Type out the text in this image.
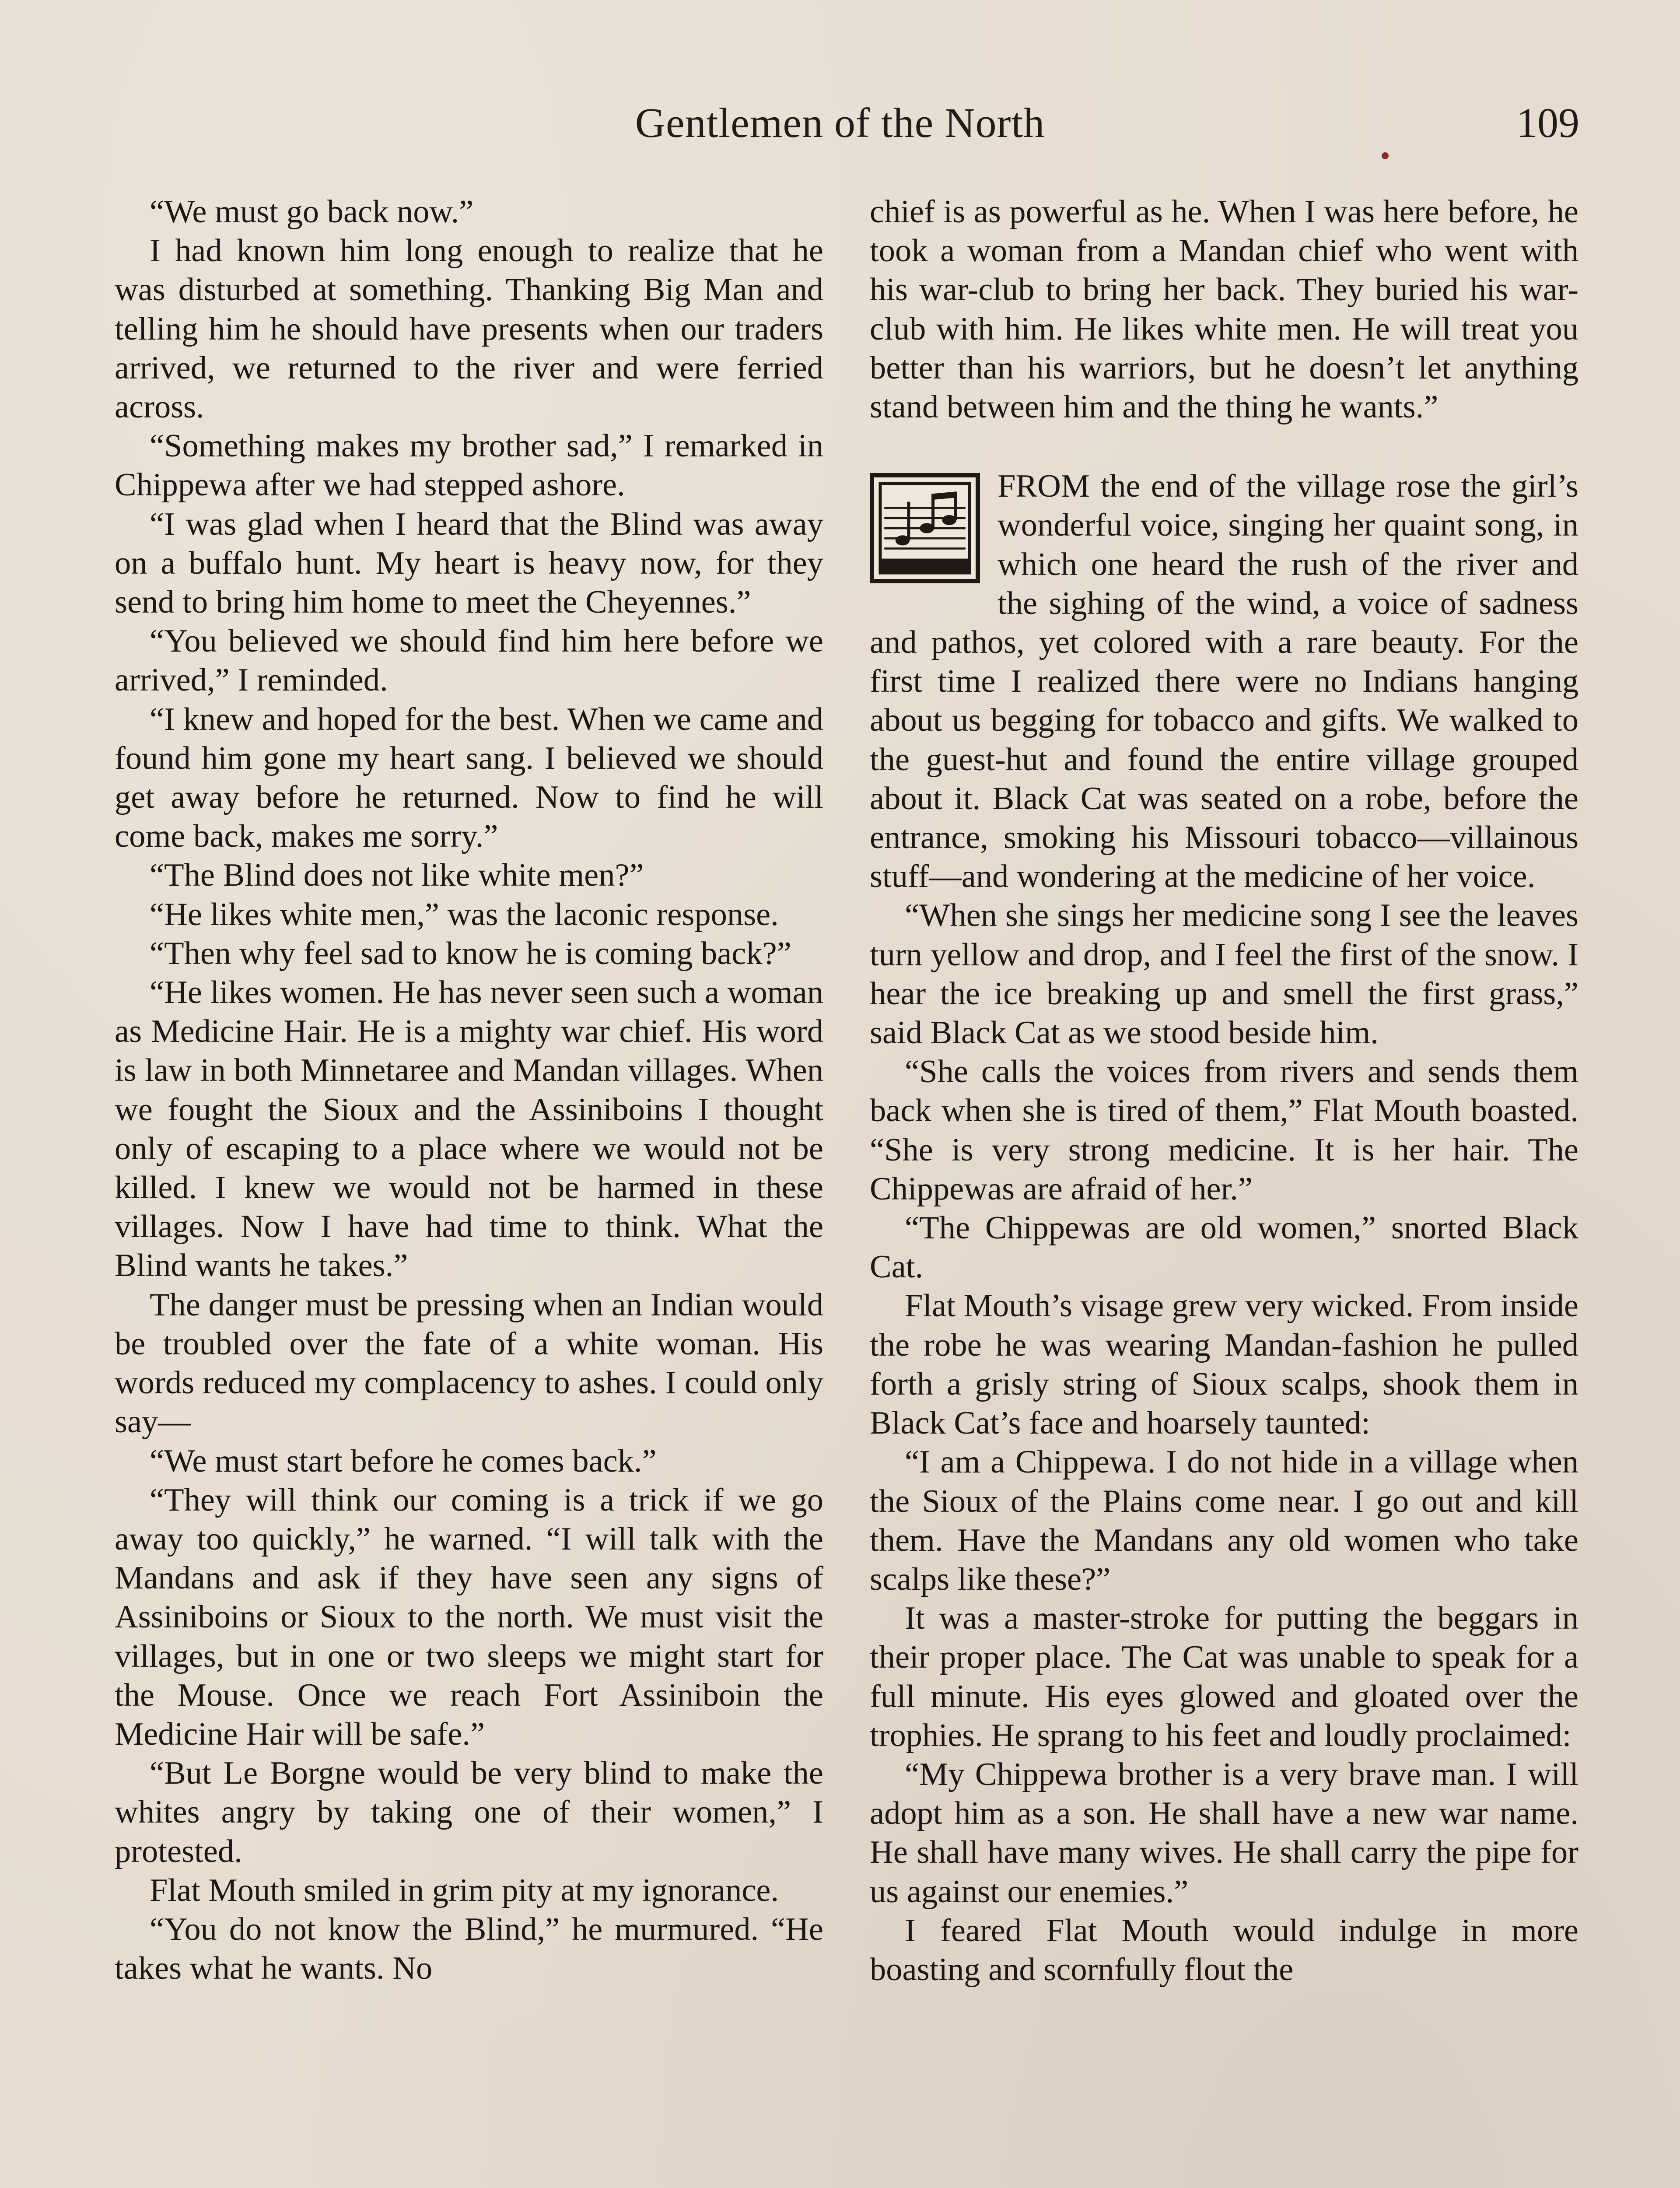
Gentlemen of the North	109

“We must go back now.”

I had known him long enough to realize that he was disturbed at something. Thanking Big Man and telling him he should have presents when our traders arrived, we returned to the river and were ferried across.

“Something makes my brother sad,” I remarked in Chippewa after we had stepped ashore.

“I was glad when I heard that the Blind was away on a buffalo hunt. My heart is heavy now, for they send to bring him home to meet the Cheyennes.”

“You believed we should find him here before we arrived,” I reminded.

“I knew and hoped for the best. When we came and found him gone my heart sang. I believed we should get away before he returned. Now to find he will come back, makes me sorry.”

“The Blind does not like white men?”

“He likes white men,” was the laconic response.

“Then why feel sad to know he is coming back?”

“He likes women. He has never seen such a woman as Medicine Hair. He is a mighty war chief. His word is law in both Minnetaree and Mandan villages. When we fought the Sioux and the Assiniboins I thought only of escaping to a place where we would not be killed. I knew we would not be harmed in these villages. Now I have had time to think. What the Blind wants he takes.”

The danger must be pressing when an Indian would be troubled over the fate of a white woman. His words reduced my complacency to ashes. I could only say—

“We must start before he comes back.”

“They will think our coming is a trick if we go away too quickly,” he warned. “I will talk with the Mandans and ask if they have seen any signs of Assiniboins or Sioux to the north. We must visit the villages, but in one or two sleeps we might start for the Mouse. Once we reach Fort Assiniboin the Medicine Hair will be safe.”

“But Le Borgne would be very blind to make the whites angry by taking one of their women,” I protested.

Flat Mouth smiled in grim pity at my ignorance.

“You do not know the Blind,” he murmured. “He takes what he wants. No

chief is as powerful as he. When I was here before, he took a woman from a Mandan chief who went with his war-club to bring her back. They buried his war-club with him. He likes white men. He will treat you better than his warriors, but he doesn’t let anything stand between him and the thing he wants.”

FROM the end of the village rose the girl’s wonderful voice, singing her quaint song, in which one heard the rush of the river and the sighing of the wind, a voice of sadness and pathos, yet colored with a rare beauty. For the first time I realized there were no Indians hanging about us begging for tobacco and gifts. We walked to the guest-hut and found the entire village grouped about it. Black Cat was seated on a robe, before the entrance, smoking his Missouri tobacco—villainous stuff—and wondering at the medicine of her voice.

“When she sings her medicine song I see the leaves turn yellow and drop, and I feel the first of the snow. I hear the ice breaking up and smell the first grass,” said Black Cat as we stood beside him.

“She calls the voices from rivers and sends them back when she is tired of them,” Flat Mouth boasted. “She is very strong medicine. It is her hair. The Chippewas are afraid of her.”

“The Chippewas are old women,” snorted Black Cat.

Flat Mouth’s visage grew very wicked. From inside the robe he was wearing Mandan-fashion he pulled forth a grisly string of Sioux scalps, shook them in Black Cat’s face and hoarsely taunted:

“I am a Chippewa. I do not hide in a village when the Sioux of the Plains come near. I go out and kill them. Have the Mandans any old women who take scalps like these?”

It was a master-stroke for putting the beggars in their proper place. The Cat was unable to speak for a full minute. His eyes glowed and gloated over the trophies. He sprang to his feet and loudly proclaimed:

“My Chippewa brother is a very brave man. I will adopt him as a son. He shall have a new war name. He shall have many wives. He shall carry the pipe for us against our enemies.”

I feared Flat Mouth would indulge in more boasting and scornfully flout the
